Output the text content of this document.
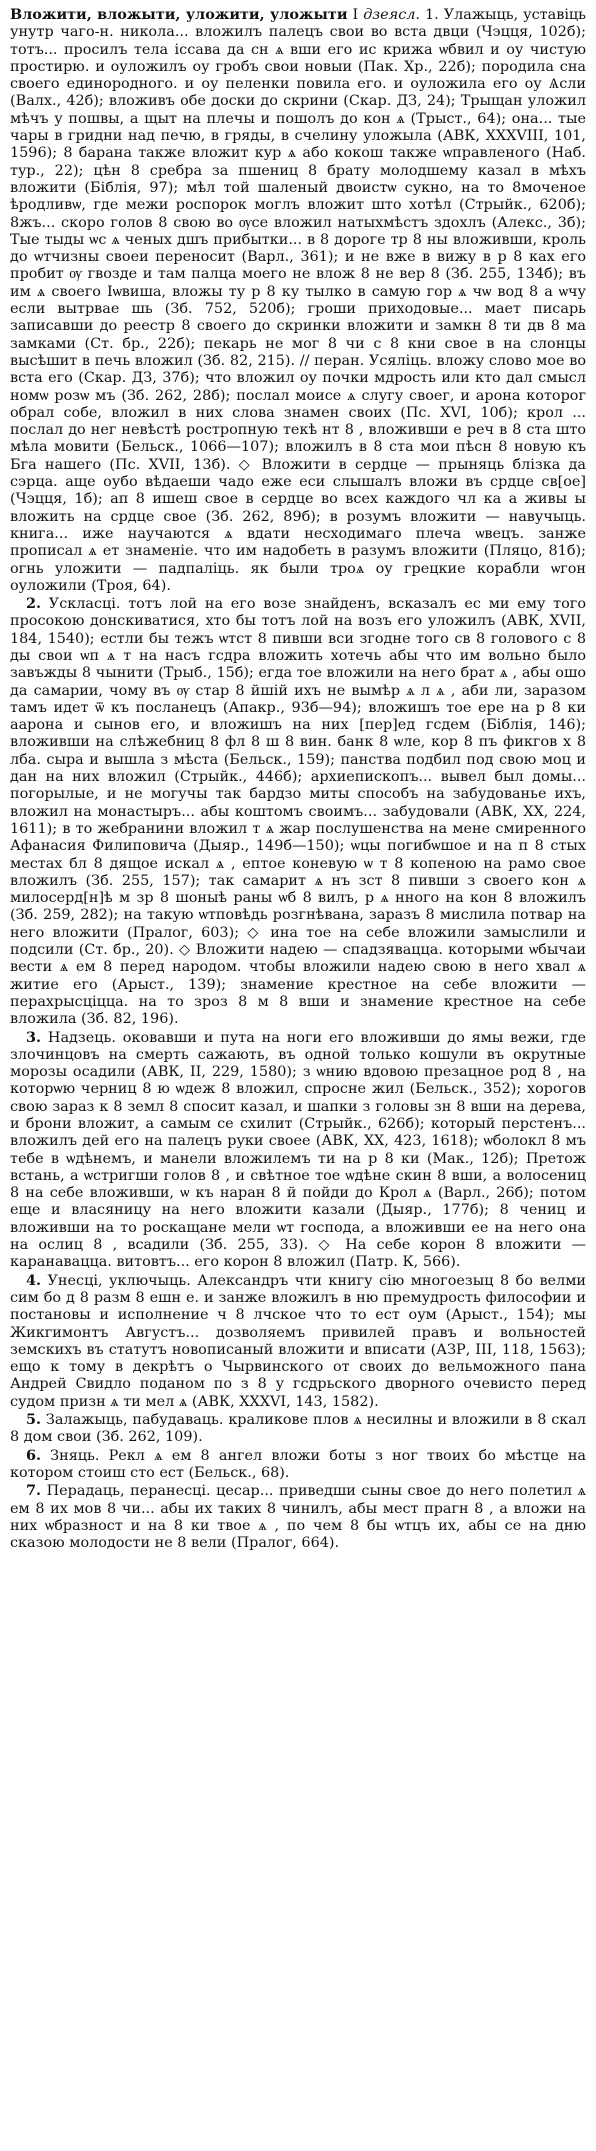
Вложити, вложыти, уложити, уложыти I дзеясл. 1. Улажыць, уставіць унутр чаго-н. никола... вложилъ палецъ свои во вста двци (Чэцця, 102б); тотъ... просилъ тела іссава да сн ѧ вши его ис крижа ѡбвил и оу чистую простирю. и оуложилъ оу гробъ свои новыи (Пак. Хр., 22б); породила сна своего единородного. и оу пеленки повила его. и оуложила его оу Ѧсли (Валх., 42б); вложивъ обе доски до скрини (Скар. ДЗ, 24); Трыщан уложил мѣчъ у пошвы, а щыт на плечы и пошолъ до кон ѧ (Трыст., 64); она... тые чары в гридни над печю, в гряды, в счелину уложыла (АВК, XXXVIII, 101, 1596); 8 барана также вложит кур ѧ або кокош также ѡправленого (Наб. тур., 22); цѣн 8 сребра за пшениц 8 брату молодшему казал в мѣхъ вложити (Біблія, 97); мѣл той шаленый двоистѡ сукно, на то 8моченое ѣродливѡ, где межи роспорок моглъ вложит што хотѣл (Стрыйк., 620б); 8жъ... скоро голов 8 свою во ѹсе вложил натыхмѣстъ здохлъ (Алекс., 3б); Тые тыды ѡс ѧ ченых дшъ прибытки... в 8 дороге тр 8 ны вложивши, кроль до ѡтчизны своеи переносит (Варл., 361); и не вже в вижу в р 8 ках его пробит ѹ гвозде и там палца моего не влож 8 не вер 8 (Зб. 255, 134б); въ им ѧ своего Іѡвиша, вложы ту р 8 ку тылко в самую гор ѧ чѡ вод 8 а ѡчу если вытрвае шь (Зб. 752, 520б); гроши приходовые... мает писарь записавши до реестр 8 своего до скринки вложити и замкн 8 ти дв 8 ма замками (Ст. бр., 22б); пекарь не мог 8 чи с 8 кни свое в на слонцы высѣшит в печь вложил (Зб. 82, 215). // перан. Усяліць. вложу слово мое во вста его (Скар. ДЗ, 37б); что вложил оу почки мдрость или кто дал смысл номѡ розѡ мъ (Зб. 262, 28б); послал моисе ѧ слугу своег, и арона которог обрал собе, вложил в них слова знамен своих (Пс. XVI, 10б); крол ... послал до нег невѣстѣ ростропную текѣ нт 8 , вложивши е реч в 8 ста што мѣла мовити (Бельск., 1066—107); вложилъ в 8 ста мои пѣсн 8 новую къ Бга нашего (Пс. XVII, 13б). ◇ Вложити в сердце — прыняць блізка да сэрца. аще оубо вѣдаеши чадо еже еси слышалъ вложи въ срдце св[ое] (Чэцця, 1б); ап 8 ишеш свое в сердце во всех каждого чл ка а живы ы вложить на срдце свое (Зб. 262, 89б); в розумъ вложити — навучыць. книга... иже научаются ѧ вдати несходимаго плеча ѡвецъ. занже прописал ѧ ет знаменіе. что им надобеть в разумъ вложити (Пляцо, 81б); огнь уложити — падпаліць. як были троѧ оу грецкие корабли ѡгон оуложили (Троя, 64).

2. Ускласці. тотъ лой на его возе знайденъ, всказалъ ес ми ему того просокою донскиватися, хто бы тотъ лой на возъ его уложилъ (АВК, XVII, 184, 1540); естли бы тежъ ѡтст 8 пивши вси згодне того св 8 голового с 8 ды свои ѡп ѧ т на насъ гсдра вложить хотечь абы что им вольно было завъжды 8 чынити (Трыб., 15б); егда тое вложили на него брат ѧ , абы ошо да самарии, чому въ ѹ стар 8 йшій ихъ не вымѣр ѧ л ѧ , аби ли, заразом тамъ идет ѿ къ посланецъ (Апакр., 93б—94); вложишъ тое ере на р 8 ки аарона и сынов его, и вложишъ на них [пер]ед гсдем (Біблія, 146); вложивши на слѣжебниц 8 фл 8 ш 8 вин. банк 8 ѡле, кор 8 пъ фикгов х 8 лба. сыра и вышла з мѣста (Бельск., 159); панства подбил под свою моц и дан на них вложил (Стрыйк., 446б); архиепископъ... вывел был домы... погорылые, и не могучы так бардзо миты способъ на забудованье ихъ, вложил на монастыръ... абы коштомъ своимъ... забудовали (АВК, XX, 224, 1611); в то жебранини вложил т ѧ жар послушенства на мене смиренного Афанасия Филиповича (Дыяр., 149б—150); ѡцы погибѡшое и на п 8 стых местах бл 8 дящое искал ѧ , ептое коневую ѡ т 8 копеною на рамо свое вложилъ (Зб. 255, 157); так самарит ѧ нъ зст 8 пивши з своего кон ѧ милосерд[н]ѣ м зр 8 шоныѣ раны ѡб 8 вилъ, р ѧ нного на кон 8 вложилъ (Зб. 259, 282); на такую ѡтповѣдь розгнѣвана, заразъ 8 мислила потвар на него вложити (Пралог, 603); ◇ ина тое на себе вложили замыслили и подсили (Ст. бр., 20). ◇ Вложити надею — спадзявацца. которыми ѡбычаи вести ѧ ем 8 перед народом. чтобы вложили надею свою в него хвал ѧ житие его (Арыст., 139); знамение крестное на себе вложити — перахрысціцца. на то зроз 8 м 8 вши и знамение крестное на себе вложила (Зб. 82, 196).

3. Надзець. оковавши и пута на ноги его вложивши до ямы вежи, где злочинцовъ на смерть сажають, въ одной только кошули въ окрутные морозы осадили (АВК, II, 229, 1580); з ѡнию вдовою презацное род 8 , на которѡю черниц 8 ю ѡдеж 8 вложил, спросне жил (Бельск., 352); хорогов свою зараз к 8 земл 8 спосит казал, и шапки з головы зн 8 вши на дерева, и брони вложит, а самым се схилит (Стрыйк., 626б); который перстенъ... вложилъ дей его на палецъ руки своее (АВК, XX, 423, 1618); ѡболокл 8 мъ тебе в ѡдѣнемъ, и манели вложилемъ ти на р 8 ки (Мак., 12б); Претож встань, а ѡстригши голов 8 , и свѣтное тое ѡдѣне скин 8 вши, а волосениц 8 на себе вложивши, ѡ къ наран 8 й пойди до Крол ѧ (Варл., 26б); потом еще и власяницу на него вложити казали (Дыяр., 177б); 8 чениц и вложивши на то роскащане мели ѡт господа, а вложивши ее на него она на ослиц 8 , всадили (Зб. 255, 33). ◇ На себе корон 8 вложити — каранавацца. витовтъ... его корон 8 вложил (Патр. К, 566).

4. Унесці, уключыць. Александръ чти книгу сію многоезыц 8 бо велми сим бо д 8 разм 8 ешн е. и занже вложилъ в ню премудрость философии и постановы и исполнение ч 8 лчское что то ест оум (Арыст., 154); мы Жикгимонтъ Августъ... дозволяемъ привилей правъ и вольностей земскихъ въ статутъ новописаный вложити и вписати (АЗР, III, 118, 1563); ещо к тому в декрѣтъ о Чырвинского от своих до вельможного пана Андрей Свидло поданом по з 8 у гсдрьского дворного очевисто перед судом призн ѧ ти мел ѧ (АВК, XXXVI, 143, 1582).

5. Залажыць, пабудаваць. краликове плов ѧ несилны и вложили в 8 скал 8 дом свои (Зб. 262, 109).

6. Зняць. Рекл ѧ ем 8 ангел вложи боты з ног твоих бо мѣстце на котором стоиш сто ест (Бельск., 68).

7. Перадаць, перанесці. цесар... приведши сыны свое до него полетил ѧ ем 8 их мов 8 чи... абы их таких 8 чинилъ, абы мест прагн 8 , а вложи на них ѡбразност и на 8 ки твое ѧ , по чем 8 бы ѡтцъ их, абы се на дню сказою молодости не 8 вели (Пралог, 664).
